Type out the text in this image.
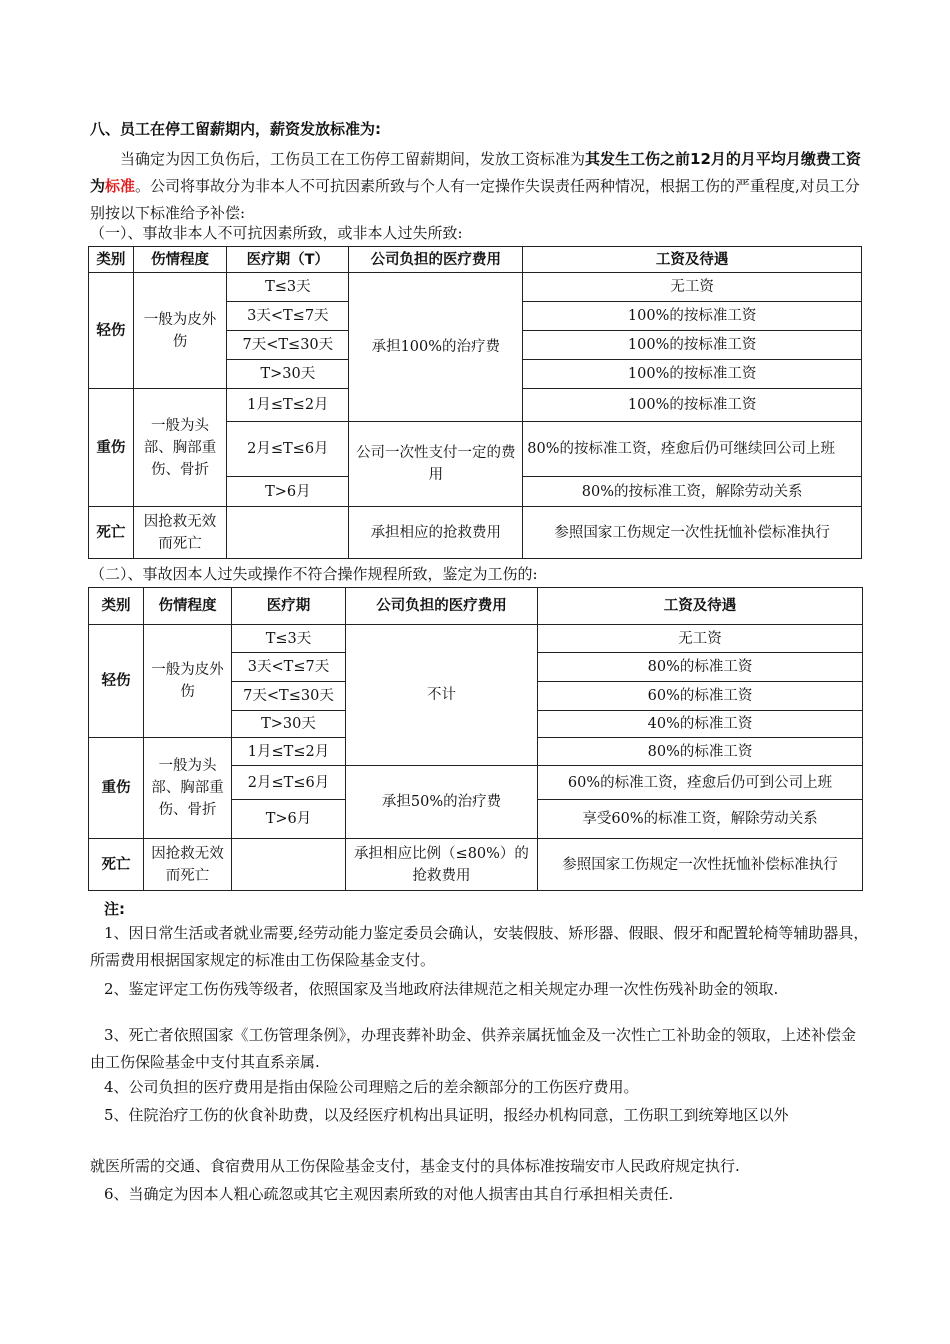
八、员工在停工留薪期内，薪资发放标准为:
当确定为因工负伤后，工伤员工在工伤停工留薪期间，发放工资标准为其发生工伤之前12月的月平均月缴费工资为标准。公司将事故分为非本人不可抗因素所致与个人有一定操作失误责任两种情况，根据工伤的严重程度,对员工分别按以下标准给予补偿:
（一）、事故非本人不可抗因素所致，或非本人过失所致:
类别	伤情程度	医疗期（T）	公司负担的医疗费用	工资及待遇
轻伤	一般为皮外伤	T≤3天	承担100%的治疗费	无工资
		3天<T≤7天		100%的按标准工资
		7天<T≤30天		100%的按标准工资
		T>30天		100%的按标准工资
重伤	一般为头部、胸部重伤、骨折	1月≤T≤2月		100%的按标准工资
		2月≤T≤6月	公司一次性支付一定的费用	80%的按标准工资，痊愈后仍可继续回公司上班
		T>6月		80%的按标准工资，解除劳动关系
死亡	因抢救无效而死亡		承担相应的抢救费用	参照国家工伤规定一次性抚恤补偿标准执行
（二）、事故因本人过失或操作不符合操作规程所致，鉴定为工伤的:
类别	伤情程度	医疗期	公司负担的医疗费用	工资及待遇
轻伤	一般为皮外伤	T≤3天	不计	无工资
		3天<T≤7天		80%的标准工资
		7天<T≤30天		60%的标准工资
		T>30天		40%的标准工资
重伤	一般为头部、胸部重伤、骨折	1月≤T≤2月		80%的标准工资
		2月≤T≤6月	承担50%的治疗费	60%的标准工资，痊愈后仍可到公司上班
		T>6月		享受60%的标准工资，解除劳动关系
死亡	因抢救无效而死亡		承担相应比例（≤80%）的抢救费用	参照国家工伤规定一次性抚恤补偿标准执行
注:
1、因日常生活或者就业需要,经劳动能力鉴定委员会确认，安装假肢、矫形器、假眼、假牙和配置轮椅等辅助器具，所需费用根据国家规定的标准由工伤保险基金支付。
2、鉴定评定工伤伤残等级者，依照国家及当地政府法律规范之相关规定办理一次性伤残补助金的领取.
3、死亡者依照国家《工伤管理条例》，办理丧葬补助金、供养亲属抚恤金及一次性亡工补助金的领取，上述补偿金由工伤保险基金中支付其直系亲属.
4、公司负担的医疗费用是指由保险公司理赔之后的差余额部分的工伤医疗费用。
5、住院治疗工伤的伙食补助费，以及经医疗机构出具证明，报经办机构同意，工伤职工到统筹地区以外
就医所需的交通、食宿费用从工伤保险基金支付，基金支付的具体标准按瑞安市人民政府规定执行.
6、当确定为因本人粗心疏忽或其它主观因素所致的对他人损害由其自行承担相关责任.
